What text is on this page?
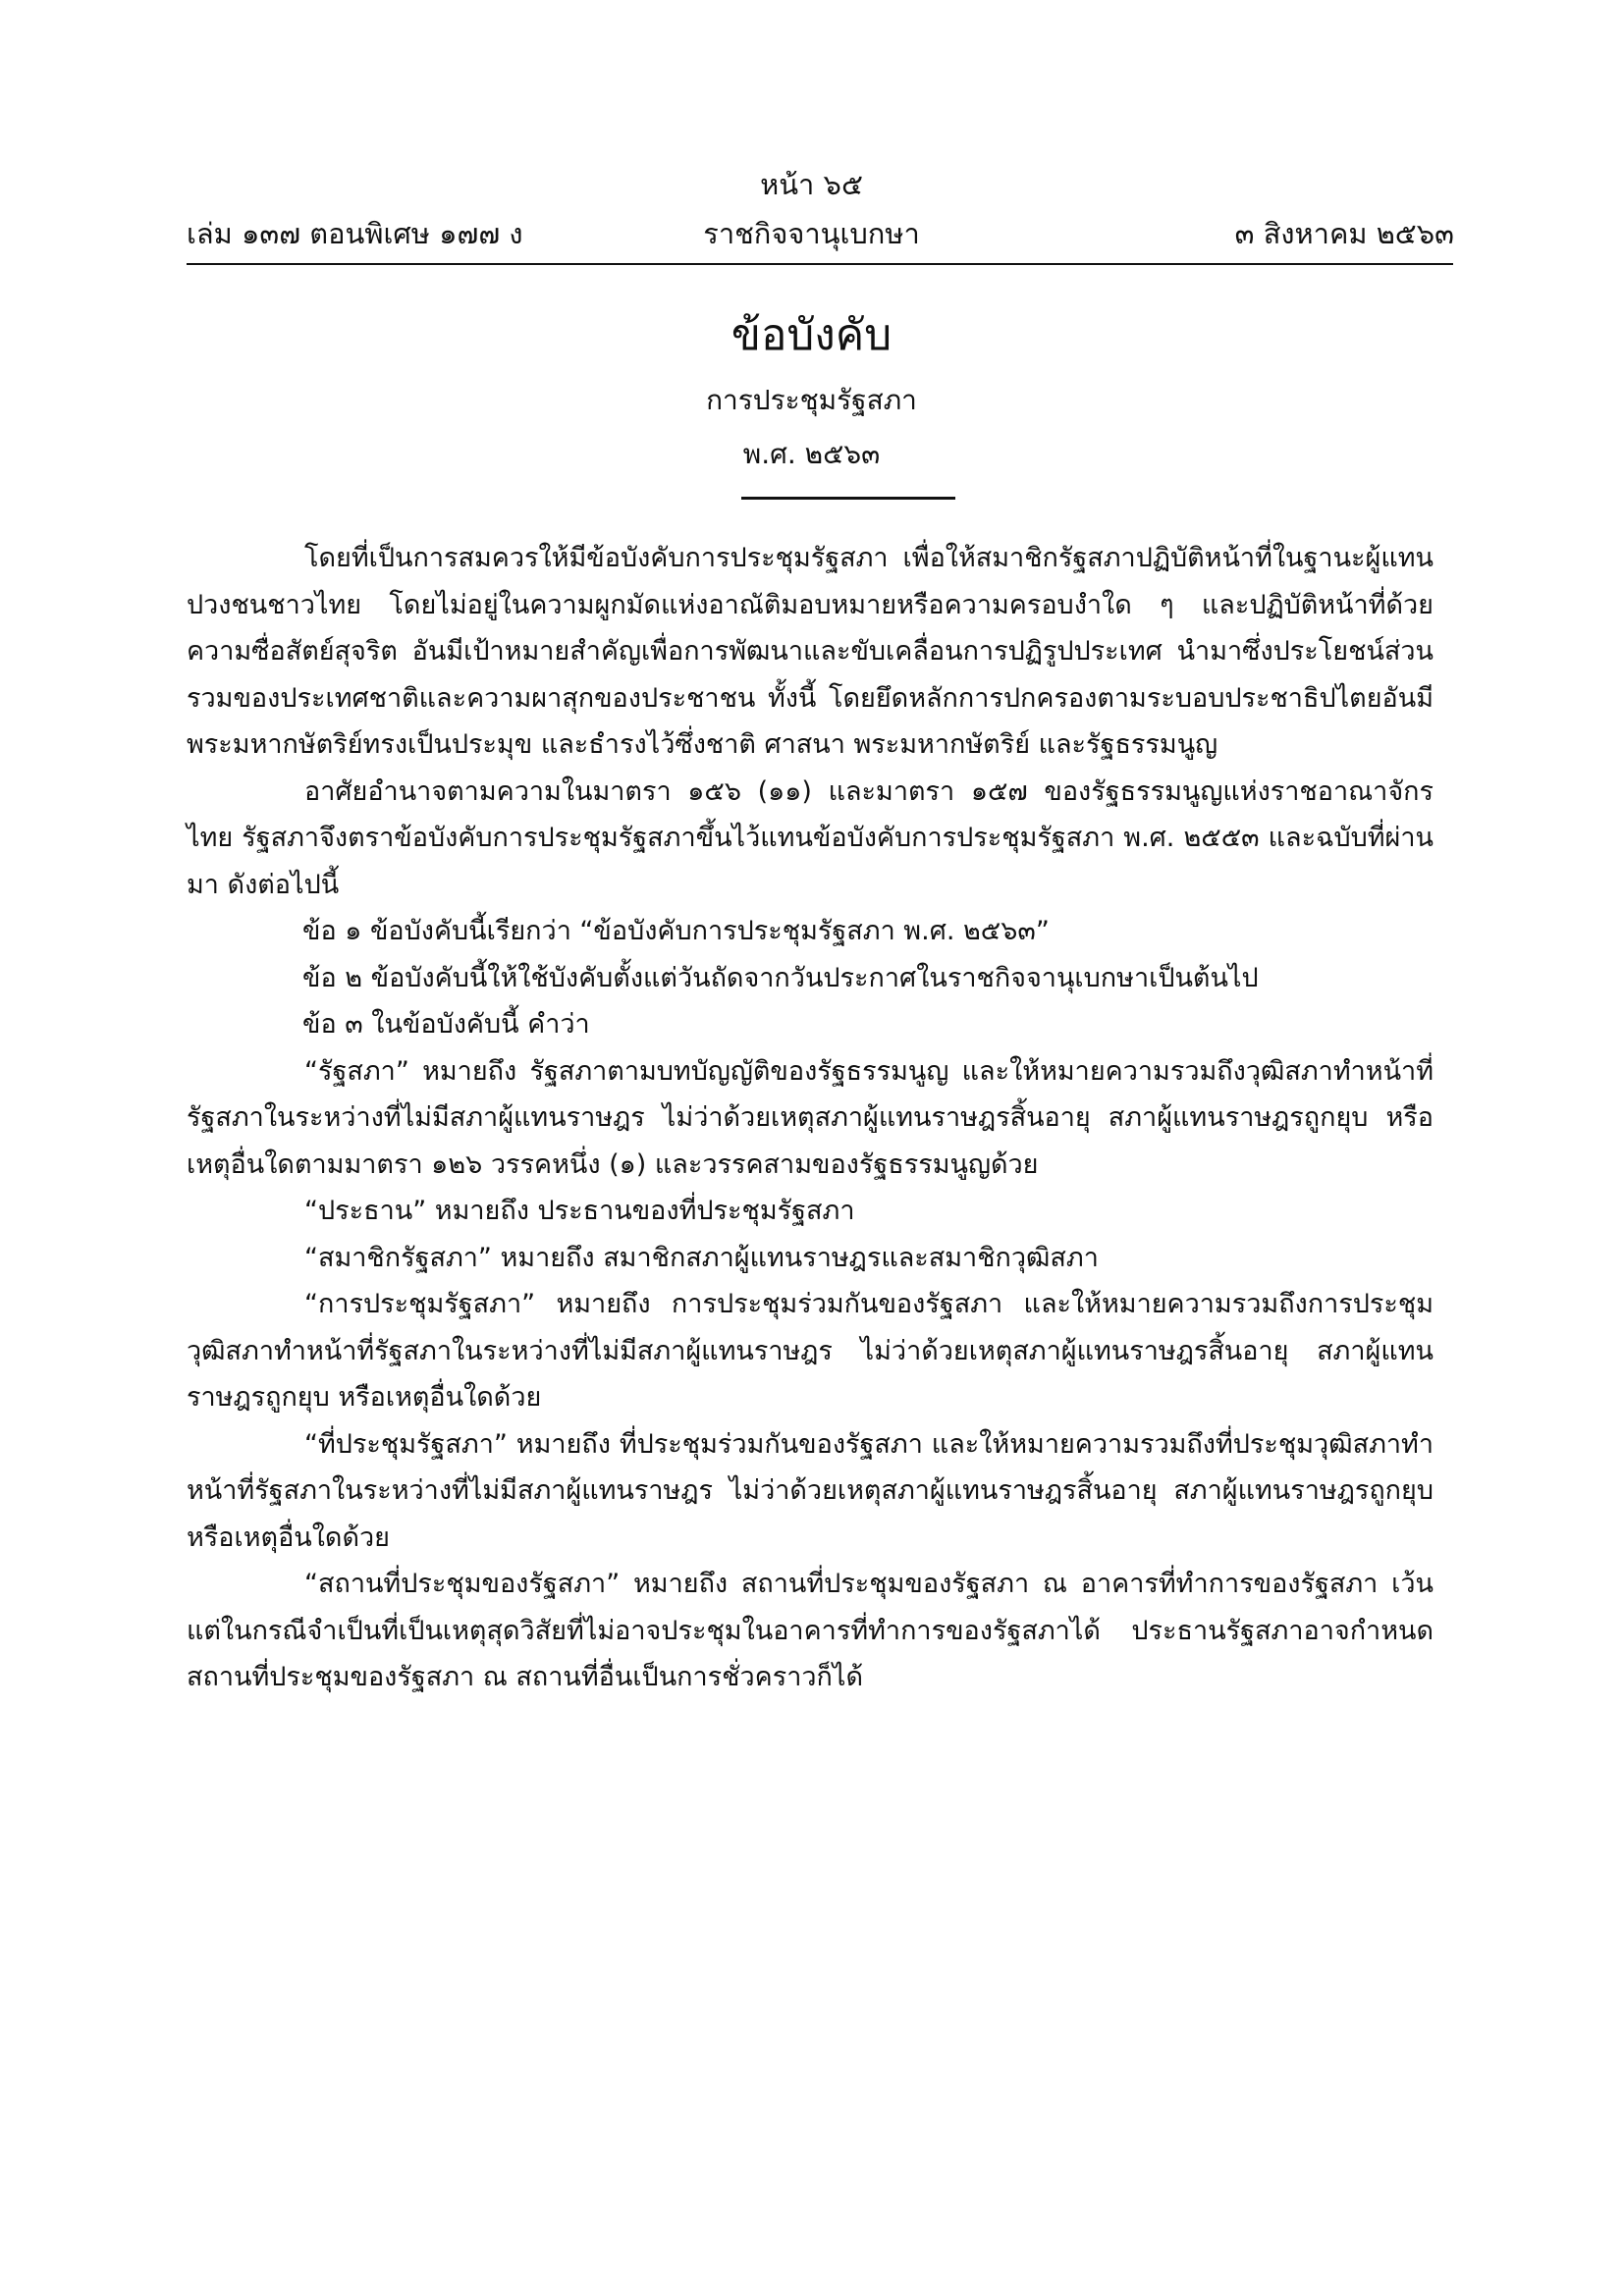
หน้า ๖๕
เล่ม ๑๓๗ ตอนพิเศษ ๑๗๗ ง	ราชกิจจานุเบกษา	๓ สิงหาคม ๒๕๖๓
ข้อบังคับ
การประชุมรัฐสภา
พ.ศ. ๒๕๖๓

โดยที่เป็นการสมควรให้มีข้อบังคับการประชุมรัฐสภา เพื่อให้สมาชิกรัฐสภาปฏิบัติหน้าที่ในฐานะผู้แทนปวงชนชาวไทย โดยไม่อยู่ในความผูกมัดแห่งอาณัติมอบหมายหรือความครอบงำใด ๆ และปฏิบัติหน้าที่ด้วยความซื่อสัตย์สุจริต อันมีเป้าหมายสำคัญเพื่อการพัฒนาและขับเคลื่อนการปฏิรูปประเทศ นำมาซึ่งประโยชน์ส่วนรวมของประเทศชาติและความผาสุกของประชาชน ทั้งนี้ โดยยึดหลักการปกครองตามระบอบประชาธิปไตยอันมีพระมหากษัตริย์ทรงเป็นประมุข และธำรงไว้ซึ่งชาติ ศาสนา พระมหากษัตริย์ และรัฐธรรมนูญ

อาศัยอำนาจตามความในมาตรา ๑๕๖ (๑๑) และมาตรา ๑๕๗ ของรัฐธรรมนูญแห่งราชอาณาจักรไทย รัฐสภาจึงตราข้อบังคับการประชุมรัฐสภาขึ้นไว้แทนข้อบังคับการประชุมรัฐสภา พ.ศ. ๒๕๕๓ และฉบับที่ผ่านมา ดังต่อไปนี้

ข้อ ๑ ข้อบังคับนี้เรียกว่า “ข้อบังคับการประชุมรัฐสภา พ.ศ. ๒๕๖๓”

ข้อ ๒ ข้อบังคับนี้ให้ใช้บังคับตั้งแต่วันถัดจากวันประกาศในราชกิจจานุเบกษาเป็นต้นไป

ข้อ ๓ ในข้อบังคับนี้ คำว่า

“รัฐสภา” หมายถึง รัฐสภาตามบทบัญญัติของรัฐธรรมนูญ และให้หมายความรวมถึงวุฒิสภาทำหน้าที่รัฐสภาในระหว่างที่ไม่มีสภาผู้แทนราษฎร ไม่ว่าด้วยเหตุสภาผู้แทนราษฎรสิ้นอายุ สภาผู้แทนราษฎรถูกยุบ หรือเหตุอื่นใดตามมาตรา ๑๒๖ วรรคหนึ่ง (๑) และวรรคสามของรัฐธรรมนูญด้วย

“ประธาน” หมายถึง ประธานของที่ประชุมรัฐสภา

“สมาชิกรัฐสภา” หมายถึง สมาชิกสภาผู้แทนราษฎรและสมาชิกวุฒิสภา

“การประชุมรัฐสภา” หมายถึง การประชุมร่วมกันของรัฐสภา และให้หมายความรวมถึงการประชุมวุฒิสภาทำหน้าที่รัฐสภาในระหว่างที่ไม่มีสภาผู้แทนราษฎร ไม่ว่าด้วยเหตุสภาผู้แทนราษฎรสิ้นอายุ สภาผู้แทนราษฎรถูกยุบ หรือเหตุอื่นใดด้วย

“ที่ประชุมรัฐสภา” หมายถึง ที่ประชุมร่วมกันของรัฐสภา และให้หมายความรวมถึงที่ประชุมวุฒิสภาทำหน้าที่รัฐสภาในระหว่างที่ไม่มีสภาผู้แทนราษฎร ไม่ว่าด้วยเหตุสภาผู้แทนราษฎรสิ้นอายุ สภาผู้แทนราษฎรถูกยุบ หรือเหตุอื่นใดด้วย

“สถานที่ประชุมของรัฐสภา” หมายถึง สถานที่ประชุมของรัฐสภา ณ อาคารที่ทำการของรัฐสภา เว้นแต่ในกรณีจำเป็นที่เป็นเหตุสุดวิสัยที่ไม่อาจประชุมในอาคารที่ทำการของรัฐสภาได้ ประธานรัฐสภาอาจกำหนดสถานที่ประชุมของรัฐสภา ณ สถานที่อื่นเป็นการชั่วคราวก็ได้
